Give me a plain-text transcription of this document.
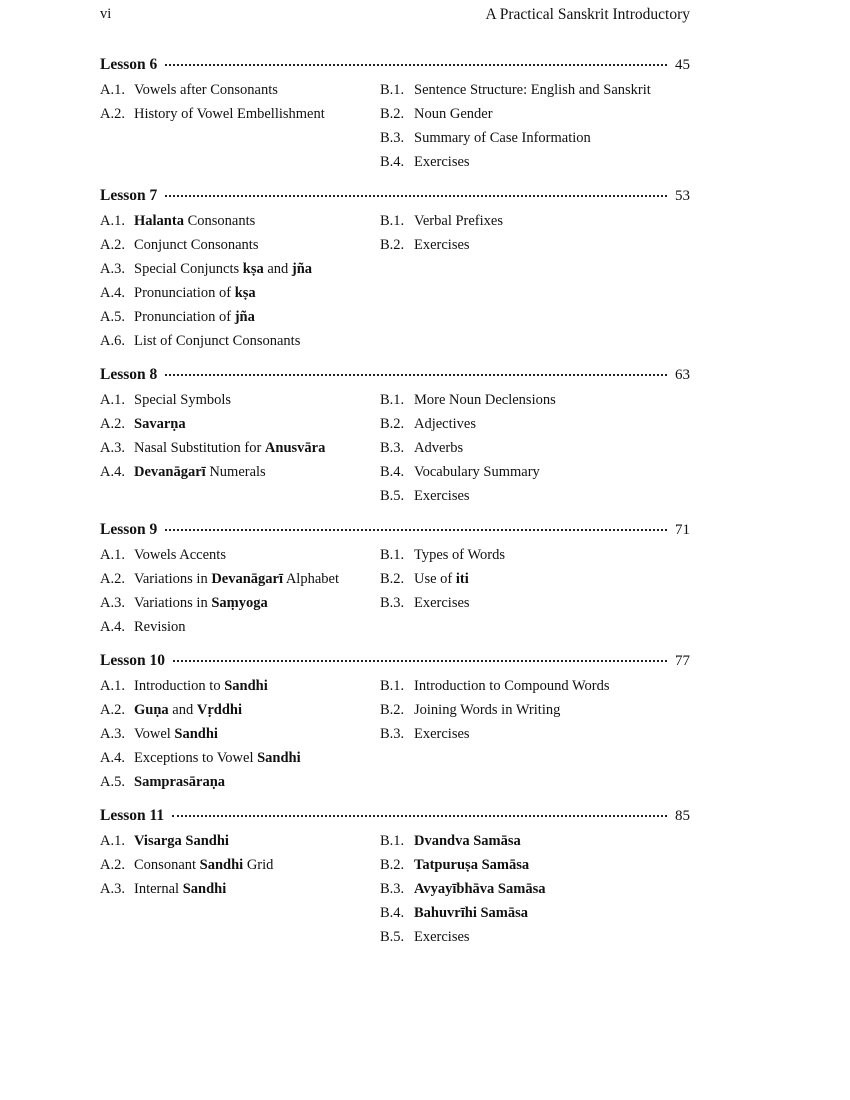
vi	A Practical Sanskrit Introductory
Lesson 6	45
A.1. Vowels after Consonants
A.2. History of Vowel Embellishment
B.1. Sentence Structure: English and Sanskrit
B.2. Noun Gender
B.3. Summary of Case Information
B.4. Exercises
Lesson 7	53
A.1. Halanta Consonants
A.2. Conjunct Consonants
A.3. Special Conjuncts kṣa and jña
A.4. Pronunciation of kṣa
A.5. Pronunciation of jña
A.6. List of Conjunct Consonants
B.1. Verbal Prefixes
B.2. Exercises
Lesson 8	63
A.1. Special Symbols
A.2. Savarṇa
A.3. Nasal Substitution for Anusvāra
A.4. Devanāgarī Numerals
B.1. More Noun Declensions
B.2. Adjectives
B.3. Adverbs
B.4. Vocabulary Summary
B.5. Exercises
Lesson 9	71
A.1. Vowels Accents
A.2. Variations in Devanāgarī Alphabet
A.3. Variations in Saṃyoga
A.4. Revision
B.1. Types of Words
B.2. Use of iti
B.3. Exercises
Lesson 10	77
A.1. Introduction to Sandhi
A.2. Guṇa and Vṛddhi
A.3. Vowel Sandhi
A.4. Exceptions to Vowel Sandhi
A.5. Samprasāraṇa
B.1. Introduction to Compound Words
B.2. Joining Words in Writing
B.3. Exercises
Lesson 11	85
A.1. Visarga Sandhi
A.2. Consonant Sandhi Grid
A.3. Internal Sandhi
B.1. Dvandva Samāsa
B.2. Tatpuruṣa Samāsa
B.3. Avyayībhāva Samāsa
B.4. Bahuvrīhi Samāsa
B.5. Exercises
